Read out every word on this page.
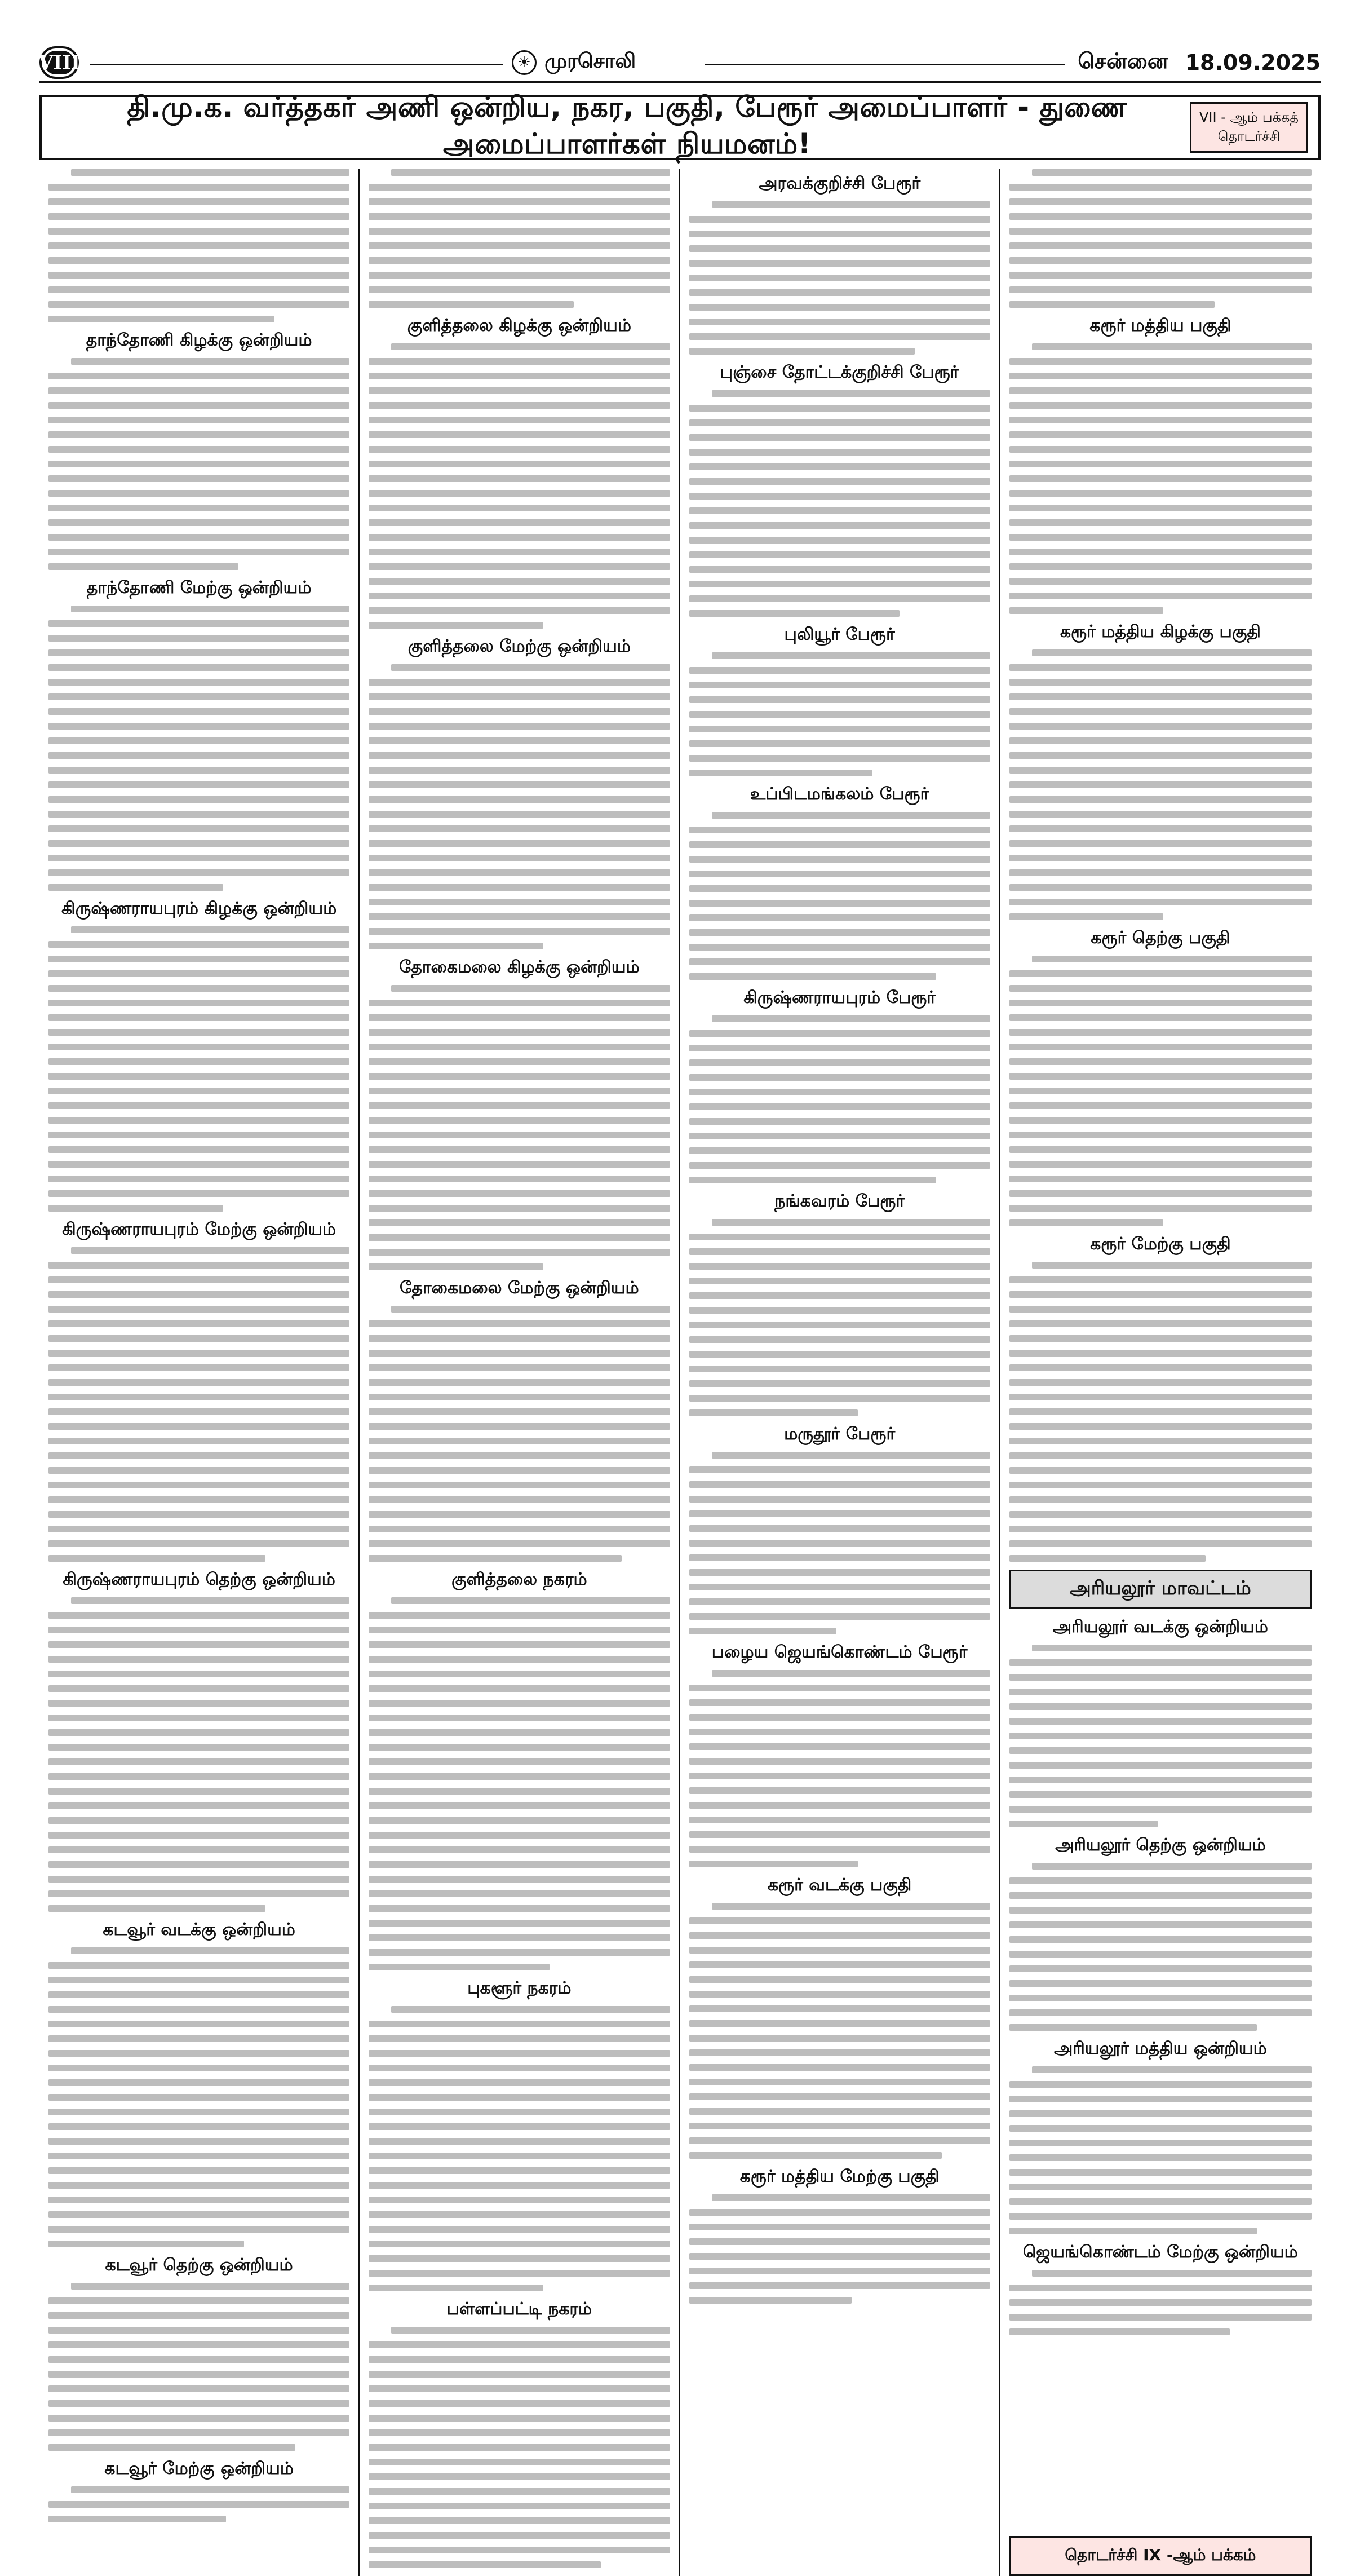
VIII	☀ முரசொலி	சென்னை 18.09.2025
தி.மு.க. வர்த்தகர் அணி ஒன்றிய, நகர, பகுதி, பேரூர் அமைப்பாளர் - துணை அமைப்பாளர்கள் நியமனம்!
VII - ஆம் பக்கத் தொடர்ச்சி
தாந்தோணி கிழக்கு ஒன்றியம்
தாந்தோணி மேற்கு ஒன்றியம்
கிருஷ்ணராயபுரம் கிழக்கு ஒன்றியம்
கிருஷ்ணராயபுரம் மேற்கு ஒன்றியம்
கிருஷ்ணராயபுரம் தெற்கு ஒன்றியம்
கடவூர் வடக்கு ஒன்றியம்
கடவூர் தெற்கு ஒன்றியம்
கடவூர் மேற்கு ஒன்றியம்
குளித்தலை கிழக்கு ஒன்றியம்
குளித்தலை மேற்கு ஒன்றியம்
தோகைமலை கிழக்கு ஒன்றியம்
தோகைமலை மேற்கு ஒன்றியம்
குளித்தலை நகரம்
புகளூர் நகரம்
பள்ளப்பட்டி நகரம்
அரவக்குறிச்சி பேரூர்
புஞ்சை தோட்டக்குறிச்சி பேரூர்
புலியூர் பேரூர்
உப்பிடமங்கலம் பேரூர்
கிருஷ்ணராயபுரம் பேரூர்
நங்கவரம் பேரூர்
மருதூர் பேரூர்
பழைய ஜெயங்கொண்டம் பேரூர்
கரூர் வடக்கு பகுதி
கரூர் மத்திய மேற்கு பகுதி
கரூர் மத்திய பகுதி
கரூர் மத்திய கிழக்கு பகுதி
கரூர் தெற்கு பகுதி
கரூர் மேற்கு பகுதி
அரியலூர் மாவட்டம்
அரியலூர் வடக்கு ஒன்றியம்
அரியலூர் தெற்கு ஒன்றியம்
அரியலூர் மத்திய ஒன்றியம்
ஜெயங்கொண்டம் மேற்கு ஒன்றியம்
தொடர்ச்சி IX -ஆம் பக்கம்
